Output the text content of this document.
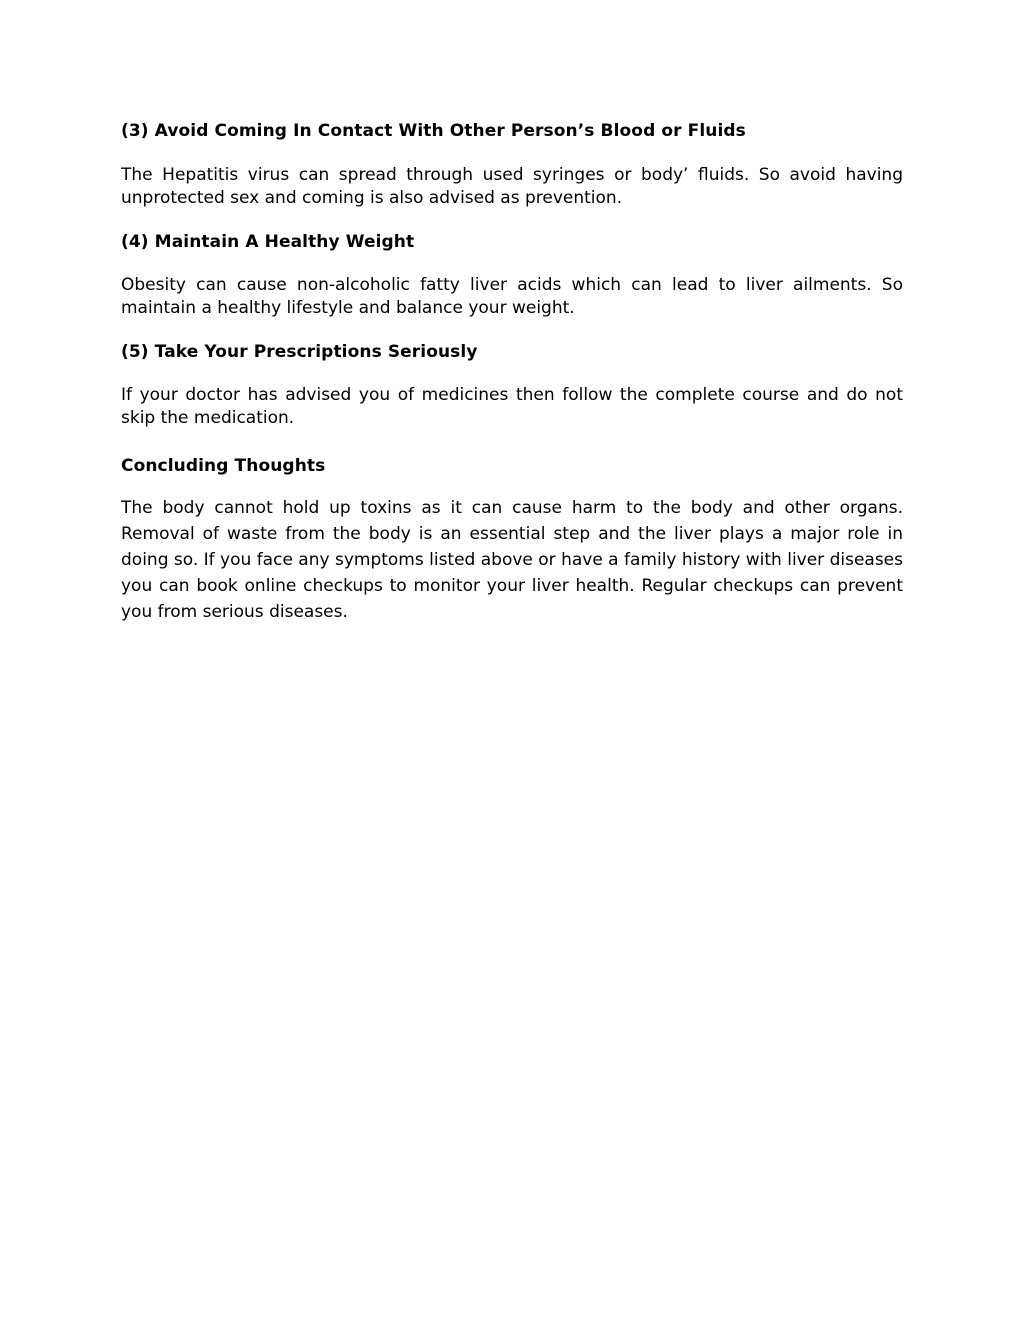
(3) Avoid Coming In Contact With Other Person’s Blood or Fluids

The Hepatitis virus can spread through used syringes or body’ fluids. So avoid having unprotected sex and coming is also advised as prevention.

(4) Maintain A Healthy Weight

Obesity can cause non-alcoholic fatty liver acids which can lead to liver ailments. So maintain a healthy lifestyle and balance your weight.

(5) Take Your Prescriptions Seriously

If your doctor has advised you of medicines then follow the complete course and do not skip the medication.

Concluding Thoughts

The body cannot hold up toxins as it can cause harm to the body and other organs. Removal of waste from the body is an essential step and the liver plays a major role in doing so. If you face any symptoms listed above or have a family history with liver diseases you can book online checkups to monitor your liver health. Regular checkups can prevent you from serious diseases.
